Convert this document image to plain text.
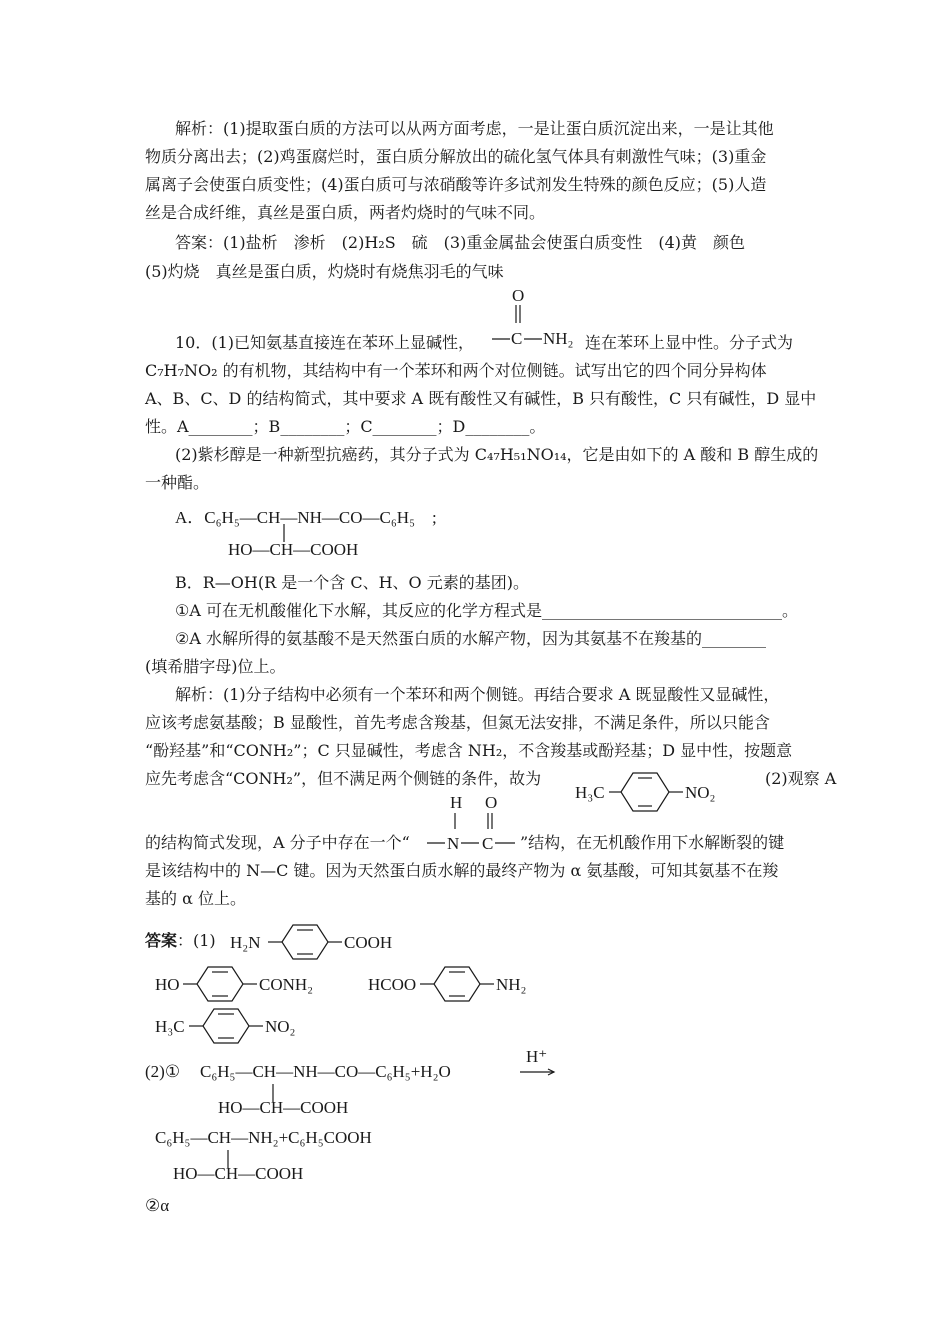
解析：(1)提取蛋白质的方法可以从两方面考虑，一是让蛋白质沉淀出来，一是让其他
物质分离出去；(2)鸡蛋腐烂时，蛋白质分解放出的硫化氢气体具有刺激性气味；(3)重金
属离子会使蛋白质变性；(4)蛋白质可与浓硝酸等许多试剂发生特殊的颜色反应；(5)人造
丝是合成纤维，真丝是蛋白质，两者灼烧时的气味不同。
答案：(1)盐析　渗析　(2)H₂S　硫　(3)重金属盐会使蛋白质变性　(4)黄　颜色
(5)灼烧　真丝是蛋白质，灼烧时有烧焦羽毛的气味
10．(1)已知氨基直接连在苯环上显碱性，
O
C NH₂ 连在苯环上显中性。分子式为
C₇H₇NO₂ 的有机物，其结构中有一个苯环和两个对位侧链。试写出它的四个同分异构体
A、B、C、D 的结构简式，其中要求 A 既有酸性又有碱性，B 只有酸性，C 只有碱性，D 显中
性。A________；B________；C________；D________。
(2)紫杉醇是一种新型抗癌药，其分子式为 C₄₇H₅₁NO₁₄，它是由如下的 A 酸和 B 醇生成的
一种酯。
A．C₆H₅—CH—NH—CO—C₆H₅　;
HO—CH—COOH
B．R—OH(R 是一个含 C、H、O 元素的基团)。
①A 可在无机酸催化下水解，其反应的化学方程式是______________________________。
②A 水解所得的氨基酸不是天然蛋白质的水解产物，因为其氨基不在羧基的________
(填希腊字母)位上。
解析：(1)分子结构中必须有一个苯环和两个侧链。再结合要求 A 既显酸性又显碱性，
应该考虑氨基酸；B 显酸性，首先考虑含羧基，但氮无法安排，不满足条件，所以只能含
“酚羟基”和“CONH₂”；C 只显碱性，考虑含 NH₂，不含羧基或酚羟基；D 显中性，按题意
应先考虑含“CONH₂”，但不满足两个侧链的条件，故为
H₃C	NO₂
(2)观察 A
H O
N C
的结构简式发现，A 分子中存在一个“	”结构，在无机酸作用下水解断裂的键
是该结构中的 N—C 键。因为天然蛋白质水解的最终产物为 α 氨基酸，可知其氨基不在羧
基的 α 位上。
答案 ：(1) H₂N	COOH
HO	CONH₂	HCOO	NH₂
H₃C	NO₂
(2)① C₆H₅—CH—NH—CO—C₆H₅+H₂O
H⁺
HO—CH—COOH
C₆H₅—CH—NH₂+C₆H₅COOH
HO—CH—COOH
②α
